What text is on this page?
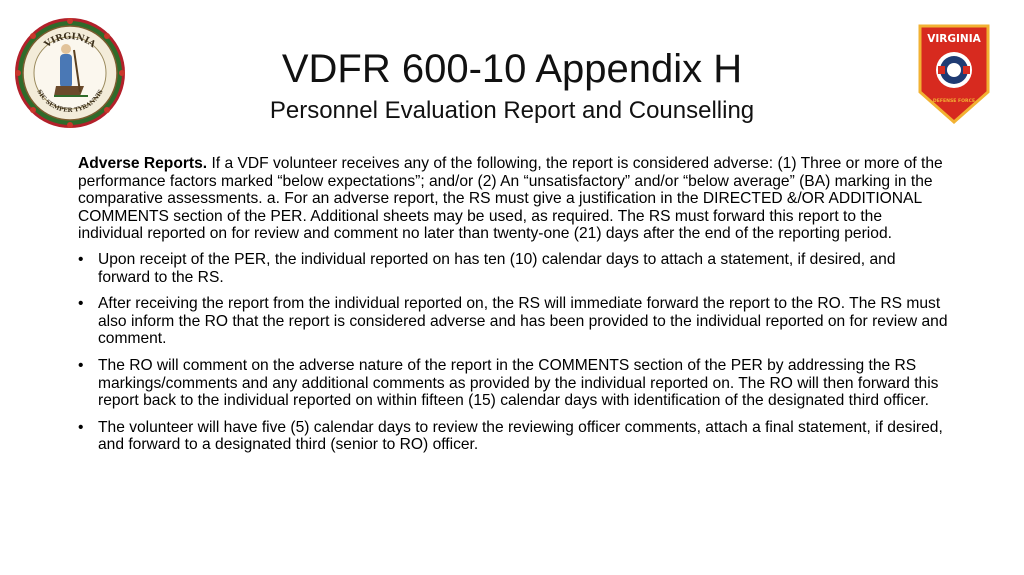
VIRGINIA
SIC SEMPER TYRANNIS
VIRGINIA
DEFENSE FORCE
VDFR 600-10 Appendix H
Personnel Evaluation Report and Counselling

Adverse Reports. If a VDF volunteer receives any of the following, the report is considered adverse: (1) Three or more of the performance factors marked “below expectations”; and/or (2) An “unsatisfactory” and/or “below average” (BA) marking in the comparative assessments. a. For an adverse report, the RS must give a justification in the DIRECTED &/OR ADDITIONAL COMMENTS section of the PER. Additional sheets may be used, as required. The RS must forward this report to the individual reported on for review and comment no later than twenty-one (21) days after the end of the reporting period.

• Upon receipt of the PER, the individual reported on has ten (10) calendar days to attach a statement, if desired, and forward to the RS.
• After receiving the report from the individual reported on, the RS will immediate forward the report to the RO. The RS must also inform the RO that the report is considered adverse and has been provided to the individual reported on for review and comment.
• The RO will comment on the adverse nature of the report in the COMMENTS section of the PER by addressing the RS markings/comments and any additional comments as provided by the individual reported on. The RO will then forward this report back to the individual reported on within fifteen (15) calendar days with identification of the designated third officer.
• The volunteer will have five (5) calendar days to review the reviewing officer comments, attach a final statement, if desired, and forward to a designated third (senior to RO) officer.
